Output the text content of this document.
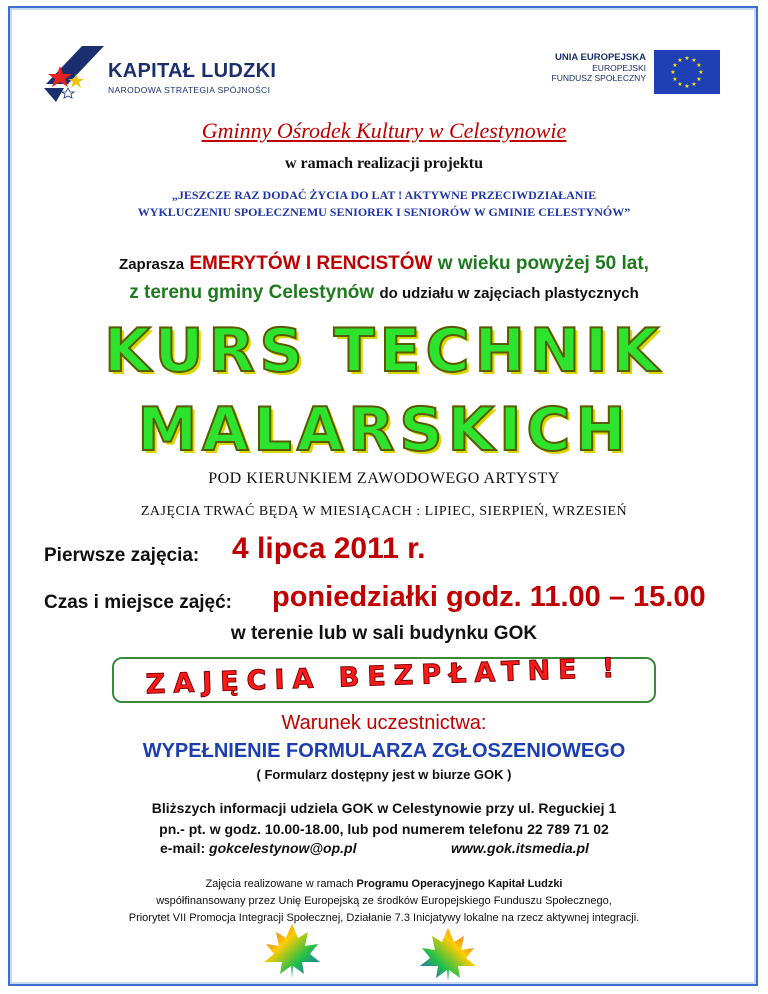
KAPITAŁ LUDZKI
NARODOWA STRATEGIA SPÓJNOŚCI
UNIA EUROPEJSKA
EUROPEJSKI
FUNDUSZ SPOŁECZNY
★ ★
★
★
★
★
★
★
★
★
★
★
Gminny Ośrodek Kultury w Celestynowie
w ramach realizacji projektu
„JESZCZE RAZ DODAĆ ŻYCIA DO LAT ! AKTYWNE PRZECIWDZIAŁANIE
WYKLUCZENIU SPOŁECZNEMU SENIOREK I SENIORÓW W GMINIE CELESTYNÓW”
Zaprasza EMERYTÓW I RENCISTÓW w wieku powyżej 50 lat,
z terenu gminy Celestynów do udziału w zajęciach plastycznych
KURS TECHNIK
MALARSKICH
POD KIERUNKIEM ZAWODOWEGO ARTYSTY
ZAJĘCIA TRWAĆ BĘDĄ W MIESIĄCACH : LIPIEC, SIERPIEŃ, WRZESIEŃ
Pierwsze zajęcia: 4 lipca 2011 r.
Czas i miejsce zajęć: poniedziałki godz. 11.00 – 15.00
w terenie lub w sali budynku GOK
ZAJĘCIA BEZPŁATNE !
Warunek uczestnictwa:
WYPEŁNIENIE FORMULARZA ZGŁOSZENIOWEGO
( Formularz dostępny jest w biurze GOK )
Bliższych informacji udziela GOK w Celestynowie przy ul. Reguckiej 1
pn.- pt. w godz. 10.00-18.00, lub pod numerem telefonu 22 789 71 02
e-mail: gokcelestynow@op.pl	www.gok.itsmedia.pl
Zajęcia realizowane w ramach Programu Operacyjnego Kapitał Ludzki
współfinansowany przez Unię Europejską ze środków Europejskiego Funduszu Społecznego,
Priorytet VII Promocja Integracji Społecznej, Działanie 7.3 Inicjatywy lokalne na rzecz aktywnej integracji.
